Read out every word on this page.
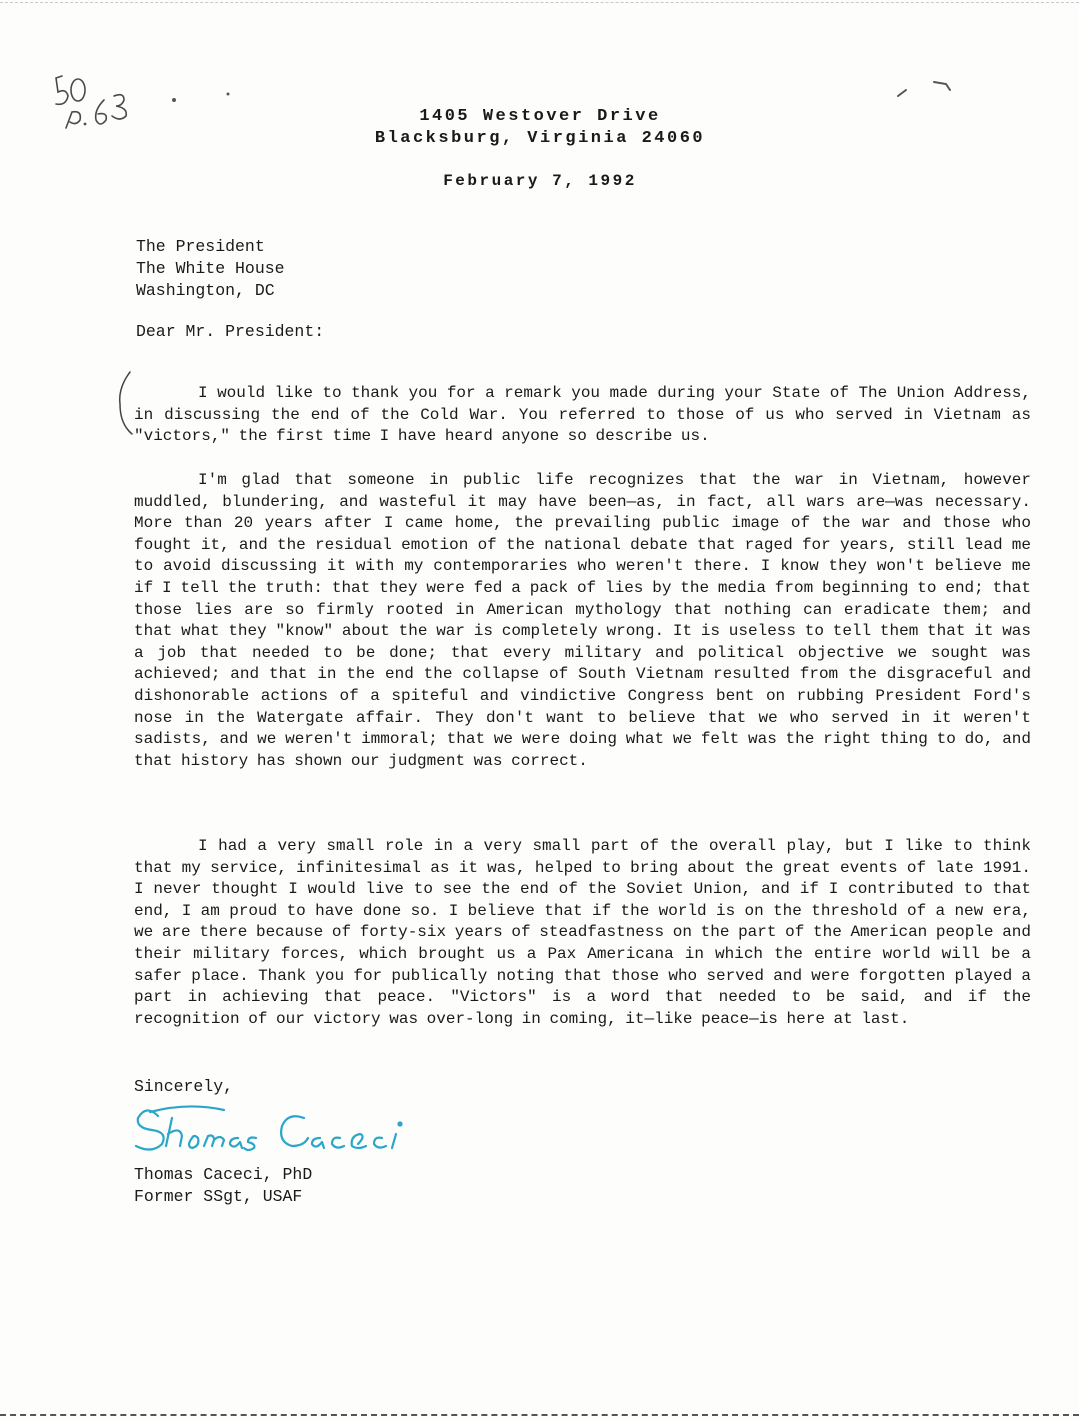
50 p.63
1405 Westover Drive
Blacksburg, Virginia 24060
February 7, 1992
The President
The White House
Washington, DC
Dear Mr. President:

I would like to thank you for a remark you made during your State of The Union Address, in discussing the end of the Cold War. You referred to those of us who served in Vietnam as "victors," the first time I have heard anyone so describe us.

I'm glad that someone in public life recognizes that the war in Vietnam, however muddled, blundering, and wasteful it may have been—as, in fact, all wars are—was necessary. More than 20 years after I came home, the prevailing public image of the war and those who fought it, and the residual emotion of the national debate that raged for years, still lead me to avoid discussing it with my contemporaries who weren't there. I know they won't believe me if I tell the truth: that they were fed a pack of lies by the media from beginning to end; that those lies are so firmly rooted in American mythology that nothing can eradicate them; and that what they "know" about the war is completely wrong. It is useless to tell them that it was a job that needed to be done; that every military and political objective we sought was achieved; and that in the end the collapse of South Vietnam resulted from the disgraceful and dishonorable actions of a spiteful and vindictive Congress bent on rubbing President Ford's nose in the Watergate affair. They don't want to believe that we who served in it weren't sadists, and we weren't immoral; that we were doing what we felt was the right thing to do, and that history has shown our judgment was correct.

I had a very small role in a very small part of the overall play, but I like to think that my service, infinitesimal as it was, helped to bring about the great events of late 1991. I never thought I would live to see the end of the Soviet Union, and if I contributed to that end, I am proud to have done so. I believe that if the world is on the threshold of a new era, we are there because of forty-six years of steadfastness on the part of the American people and their military forces, which brought us a Pax Americana in which the entire world will be a safer place. Thank you for publically noting that those who served and were forgotten played a part in achieving that peace. "Victors" is a word that needed to be said, and if the recognition of our victory was over-long in coming, it—like peace—is here at last.

Sincerely,
Thomas Caceci
Thomas Caceci, PhD
Former SSgt, USAF
